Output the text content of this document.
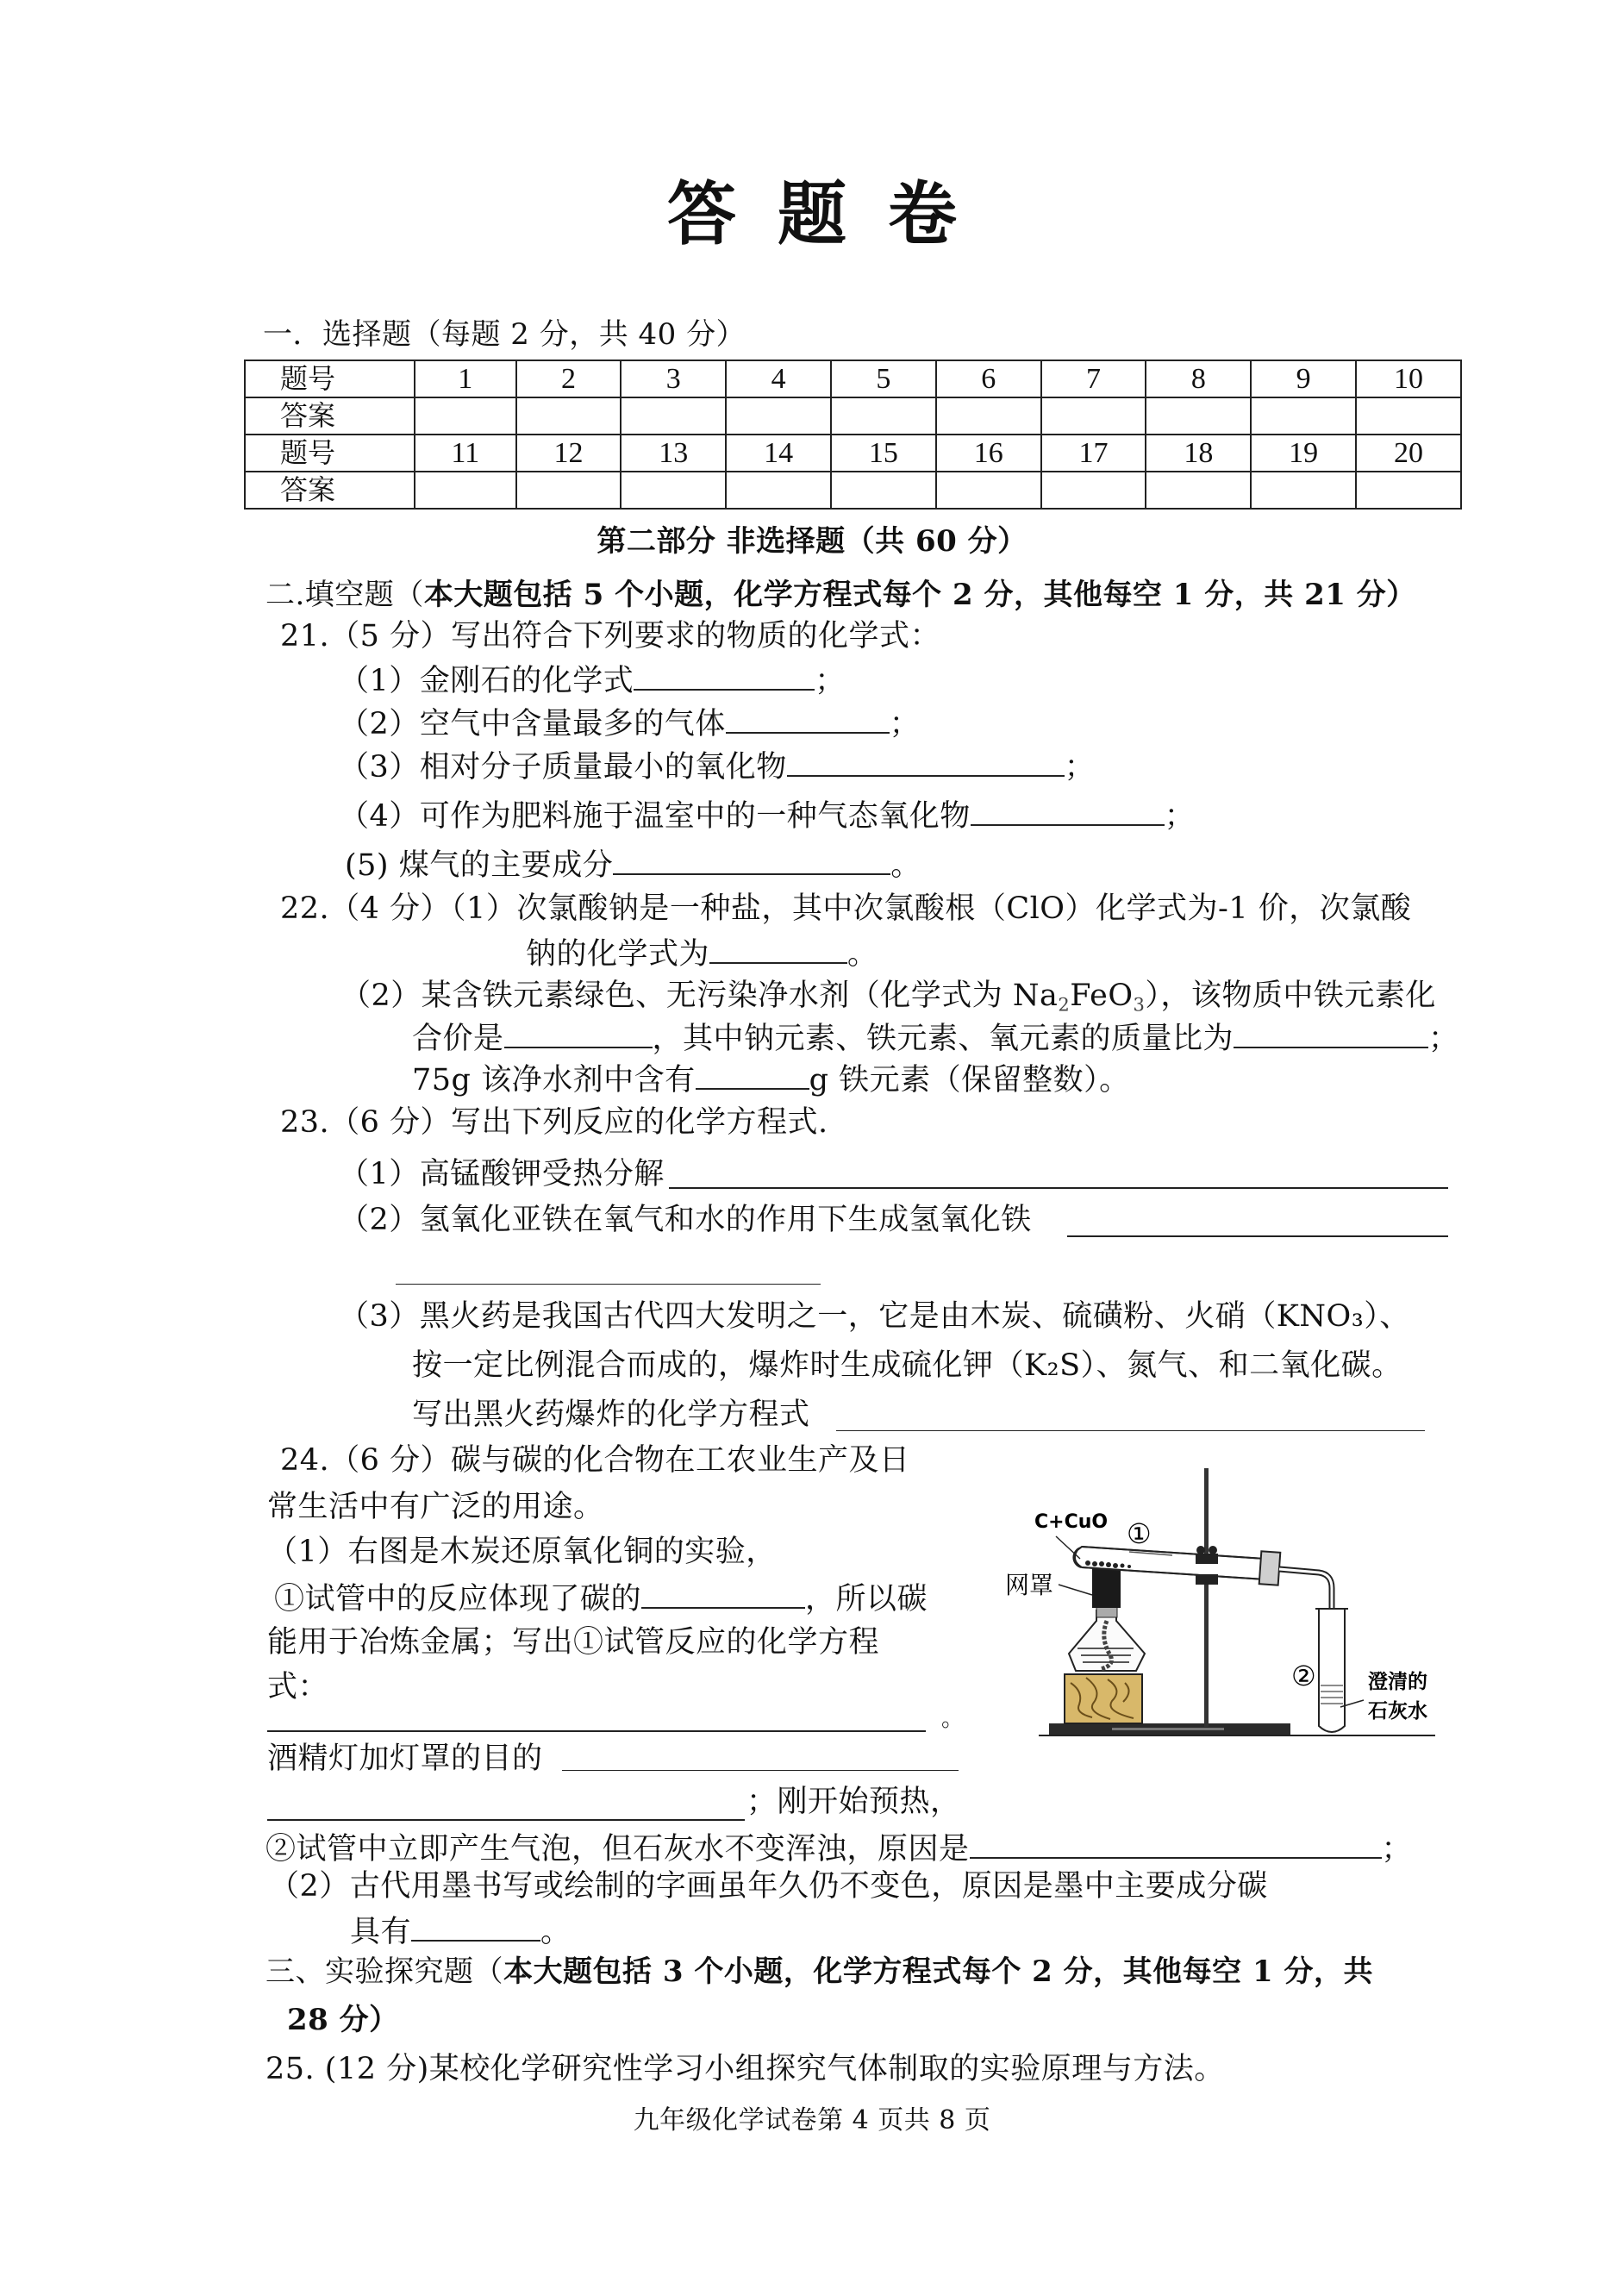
答题卷
一．选择题（每题 2 分，共 40 分）
题号	1	2	3	4	5	6	7	8	9	10
答案										
题号	11	12	13	14	15	16	17	18	19	20
答案										
第二部分 非选择题（共 60 分）
二.填空题（本大题包括 5 个小题，化学方程式每个 2 分，其他每空 1 分，共 21 分）
21.（5 分）写出符合下列要求的物质的化学式：
（1）金刚石的化学式	；
（2）空气中含量最多的气体	；
（3）相对分子质量最小的氧化物	；
（4）可作为肥料施于温室中的一种气态氧化物	；
(5) 煤气的主要成分	。
22.（4 分）（1）次氯酸钠是一种盐，其中次氯酸根（ClO）化学式为-1 价，次氯酸
钠的化学式为	。
（2）某含铁元素绿色、无污染净水剂（化学式为 $Na_2FeO_3$），该物质中铁元素化
合价是	，其中钠元素、铁元素、氧元素的质量比为	；
75g 该净水剂中含有	g 铁元素（保留整数）。
23.（6 分）写出下列反应的化学方程式.
（1）高锰酸钾受热分解
（2）氢氧化亚铁在氧气和水的作用下生成氢氧化铁
（3）黑火药是我国古代四大发明之一，它是由木炭、硫磺粉、火硝（KNO₃）、
按一定比例混合而成的，爆炸时生成硫化钾（K₂S）、氮气、和二氧化碳。
写出黑火药爆炸的化学方程式
24.（6 分）碳与碳的化合物在工农业生产及日
常生活中有广泛的用途。
（1）右图是木炭还原氧化铜的实验，
①试管中的反应体现了碳的	，所以碳
能用于冶炼金属；写出①试管反应的化学方程
式：
。
酒精灯加灯罩的目的
；刚开始预热，
②试管中立即产生气泡，但石灰水不变浑浊，原因是	；
（2）古代用墨书写或绘制的字画虽年久仍不变色，原因是墨中主要成分碳
具有	。
C+CuO ①
网罩
②	澄清的
石灰水
三、实验探究题（本大题包括 3 个小题，化学方程式每个 2 分，其他每空 1 分，共
28 分）
25. (12 分)某校化学研究性学习小组探究气体制取的实验原理与方法。
九年级化学试卷第 4 页共 8 页
